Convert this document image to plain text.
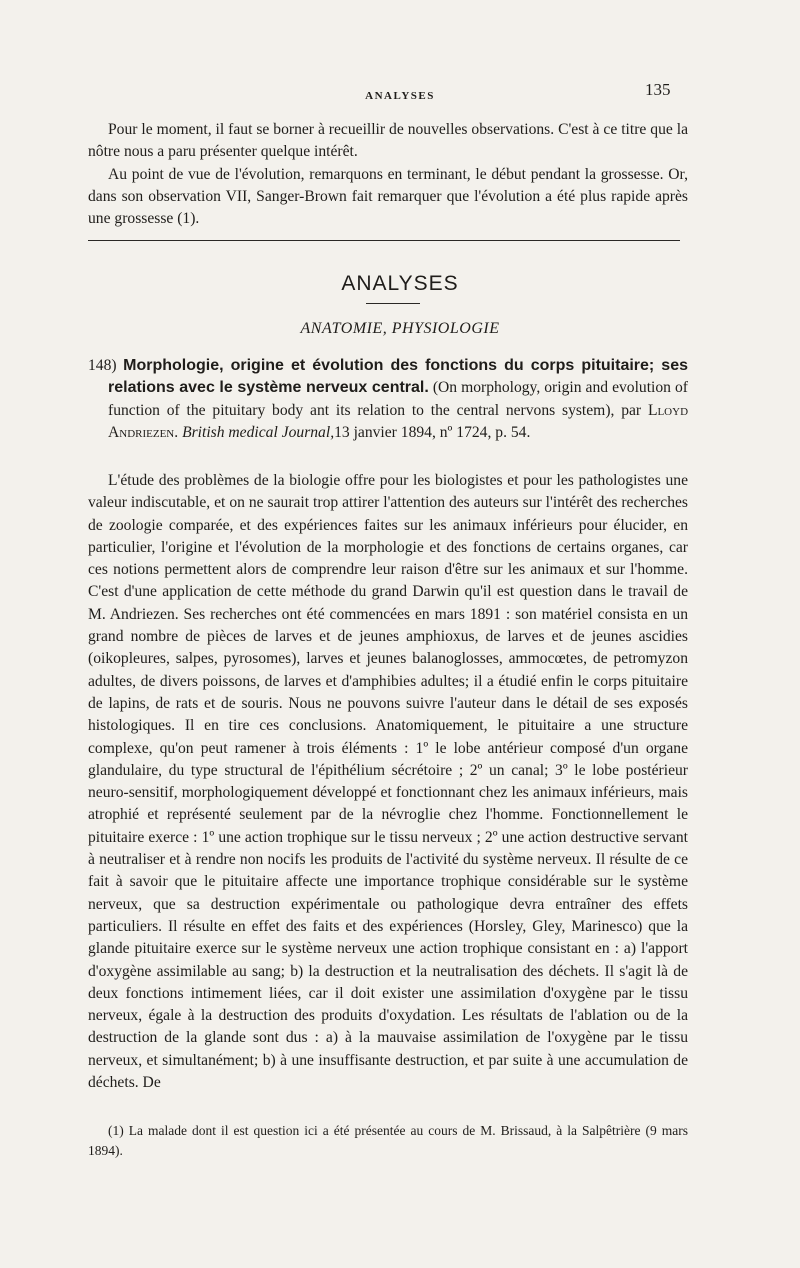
ANALYSES	135

Pour le moment, il faut se borner à recueillir de nouvelles observations. C'est à ce titre que la nôtre nous a paru présenter quelque intérêt.

Au point de vue de l'évolution, remarquons en terminant, le début pendant la grossesse. Or, dans son observation VII, Sanger-Brown fait remarquer que l'évolution a été plus rapide après une grossesse (1).

ANALYSES
ANATOMIE, PHYSIOLOGIE

148) Morphologie, origine et évolution des fonctions du corps pituitaire; ses relations avec le système nerveux central. (On morphology, origin and evolution of function of the pituitary body ant its relation to the central nervons system), par Lloyd Andriezen. British medical Journal,13 janvier 1894, nº 1724, p. 54.

L'étude des problèmes de la biologie offre pour les biologistes et pour les pathologistes une valeur indiscutable, et on ne saurait trop attirer l'attention des auteurs sur l'intérêt des recherches de zoologie comparée, et des expériences faites sur les animaux inférieurs pour élucider, en particulier, l'origine et l'évolution de la morphologie et des fonctions de certains organes, car ces notions permettent alors de comprendre leur raison d'être sur les animaux et sur l'homme. C'est d'une application de cette méthode du grand Darwin qu'il est question dans le travail de M. Andriezen. Ses recherches ont été commencées en mars 1891 : son matériel consista en un grand nombre de pièces de larves et de jeunes amphioxus, de larves et de jeunes ascidies (oikopleures, salpes, pyrosomes), larves et jeunes balanoglosses, ammocœtes, de petromyzon adultes, de divers poissons, de larves et d'amphibies adultes; il a étudié enfin le corps pituitaire de lapins, de rats et de souris. Nous ne pouvons suivre l'auteur dans le détail de ses exposés histologiques. Il en tire ces conclusions. Anatomiquement, le pituitaire a une structure complexe, qu'on peut ramener à trois éléments : 1º le lobe antérieur composé d'un organe glandulaire, du type structural de l'épithélium sécrétoire ; 2º un canal; 3º le lobe postérieur neuro-sensitif, morphologiquement développé et fonctionnant chez les animaux inférieurs, mais atrophié et représenté seulement par de la névroglie chez l'homme. Fonctionnellement le pituitaire exerce : 1º une action trophique sur le tissu nerveux ; 2º une action destructive servant à neutraliser et à rendre non nocifs les produits de l'activité du système nerveux. Il résulte de ce fait à savoir que le pituitaire affecte une importance trophique considérable sur le système nerveux, que sa destruction expérimentale ou pathologique devra entraîner des effets particuliers. Il résulte en effet des faits et des expériences (Horsley, Gley, Marinesco) que la glande pituitaire exerce sur le système nerveux une action trophique consistant en : a) l'apport d'oxygène assimilable au sang; b) la destruction et la neutralisation des déchets. Il s'agit là de deux fonctions intimement liées, car il doit exister une assimilation d'oxygène par le tissu nerveux, égale à la destruction des produits d'oxydation. Les résultats de l'ablation ou de la destruction de la glande sont dus : a) à la mauvaise assimilation de l'oxygène par le tissu nerveux, et simultanément; b) à une insuffisante destruction, et par suite à une accumulation de déchets. De

(1) La malade dont il est question ici a été présentée au cours de M. Brissaud, à la Salpêtrière (9 mars 1894).
